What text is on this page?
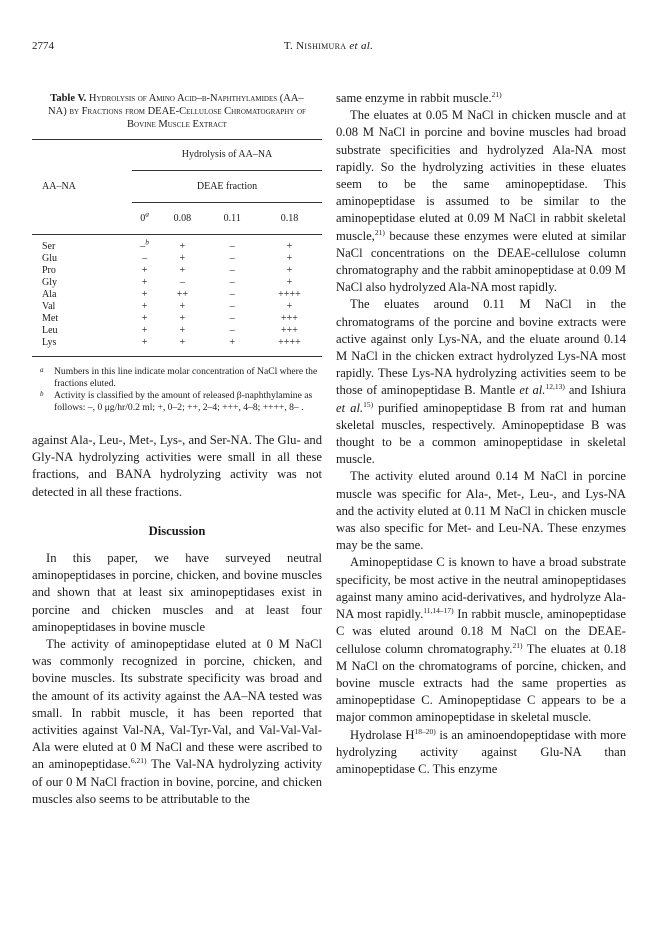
2774	T. Nishimura et al.
Table V. Hydrolysis of Amino Acid–β-Naphthylamides (AA–NA) by Fractions from DEAE-Cellulose Chromatography of Bovine Muscle Extract
	Hydrolysis of AA–NA			

AA–NA	DEAE fraction			

	0$^a$	0.08	0.11	0.18

Ser	–$^b$	+	–	+
Glu	–	+	–	+
Pro	+	+	–	+
Gly	+	–	–	+
Ala	+	++	–	++++
Val	+	+	–	+
Met	+	+	–	+++
Leu	+	+	–	+++
Lys	+	+	+	++++

a Numbers in this line indicate molar concentration of NaCl where the fractions eluted.
b Activity is classified by the amount of released β-naphthylamine as follows: –, 0 μg/hr/0.2 ml; +, 0–2; ++, 2–4; +++, 4–8; ++++, 8– .

against Ala-, Leu-, Met-, Lys-, and Ser-NA. The Glu- and Gly-NA hydrolyzing activities were small in all these fractions, and BANA hydrolyzing activity was not detected in all these fractions.

Discussion

In this paper, we have surveyed neutral aminopeptidases in porcine, chicken, and bovine muscles and shown that at least six aminopeptidases exist in porcine and chicken muscles and at least four aminopeptidases in bovine muscle

The activity of aminopeptidase eluted at 0 M NaCl was commonly recognized in porcine, chicken, and bovine muscles. Its substrate specificity was broad and the amount of its activity against the AA–NA tested was small. In rabbit muscle, it has been reported that activities against Val-NA, Val-Tyr-Val, and Val-Val-Val-Ala were eluted at 0 M NaCl and these were ascribed to an aminopeptidase.$^{6,21)}$ The Val-NA hydrolyzing activity of our 0 M NaCl fraction in bovine, porcine, and chicken muscles also seems to be attributable to the

same enzyme in rabbit muscle.$^{21)}$

The eluates at 0.05 M NaCl in chicken muscle and at 0.08 M NaCl in porcine and bovine muscles had broad substrate specificities and hydrolyzed Ala-NA most rapidly. So the hydrolyzing activities in these eluates seem to be the same aminopeptidase. This aminopeptidase is assumed to be similar to the aminopeptidase eluted at 0.09 M NaCl in rabbit skeletal muscle,$^{21)}$ because these enzymes were eluted at similar NaCl concentrations on the DEAE-cellulose column chromatography and the rabbit aminopeptidase at 0.09 M NaCl also hydrolyzed Ala-NA most rapidly.

The eluates around 0.11 M NaCl in the chromatograms of the porcine and bovine extracts were active against only Lys-NA, and the eluate around 0.14 M NaCl in the chicken extract hydrolyzed Lys-NA most rapidly. These Lys-NA hydrolyzing activities seem to be those of aminopeptidase B. Mantle et al.$^{12,13)}$ and Ishiura et al.$^{15)}$ purified aminopeptidase B from rat and human skeletal muscles, respectively. Aminopeptidase B was thought to be a common aminopeptidase in skeletal muscle.

The activity eluted around 0.14 M NaCl in porcine muscle was specific for Ala-, Met-, Leu-, and Lys-NA and the activity eluted at 0.11 M NaCl in chicken muscle was also specific for Met- and Leu-NA. These enzymes may be the same.

Aminopeptidase C is known to have a broad substrate specificity, be most active in the neutral aminopeptidases against many amino acid-derivatives, and hydrolyze Ala-NA most rapidly.$^{11,14-17)}$ In rabbit muscle, aminopeptidase C was eluted around 0.18 M NaCl on the DEAE-cellulose column chromatography.$^{21)}$ The eluates at 0.18 M NaCl on the chromatograms of porcine, chicken, and bovine muscle extracts had the same properties as aminopeptidase C. Aminopeptidase C appears to be a major common aminopeptidase in skeletal muscle.

Hydrolase $H^{18-20)}$ is an aminoendopeptidase with more hydrolyzing activity against Glu-NA than aminopeptidase C. This enzyme
